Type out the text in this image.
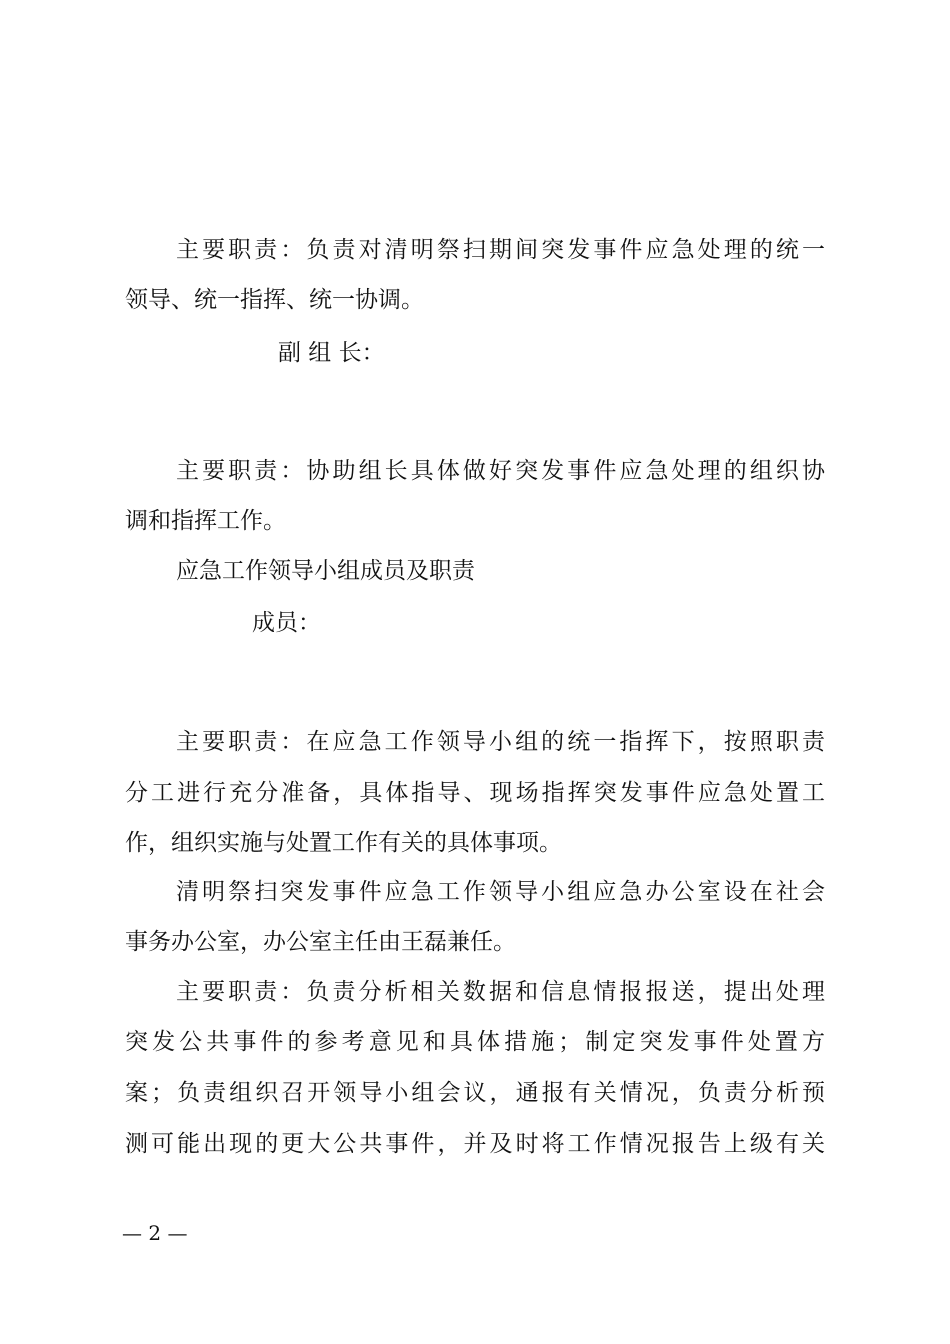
主要职责：负责对清明祭扫期间突发事件应急处理的统一
领导、统一指挥、统一协调。
副 组 长：
主要职责：协助组长具体做好突发事件应急处理的组织协
调和指挥工作。
应急工作领导小组成员及职责
成员：
主要职责：在应急工作领导小组的统一指挥下，按照职责
分工进行充分准备，具体指导、现场指挥突发事件应急处置工
作，组织实施与处置工作有关的具体事项。
清明祭扫突发事件应急工作领导小组应急办公室设在社会
事务办公室，办公室主任由王磊兼任。
主要职责：负责分析相关数据和信息情报报送，提出处理
突发公共事件的参考意见和具体措施；制定突发事件处置方
案；负责组织召开领导小组会议，通报有关情况，负责分析预
测可能出现的更大公共事件，并及时将工作情况报告上级有关
— 2 —
